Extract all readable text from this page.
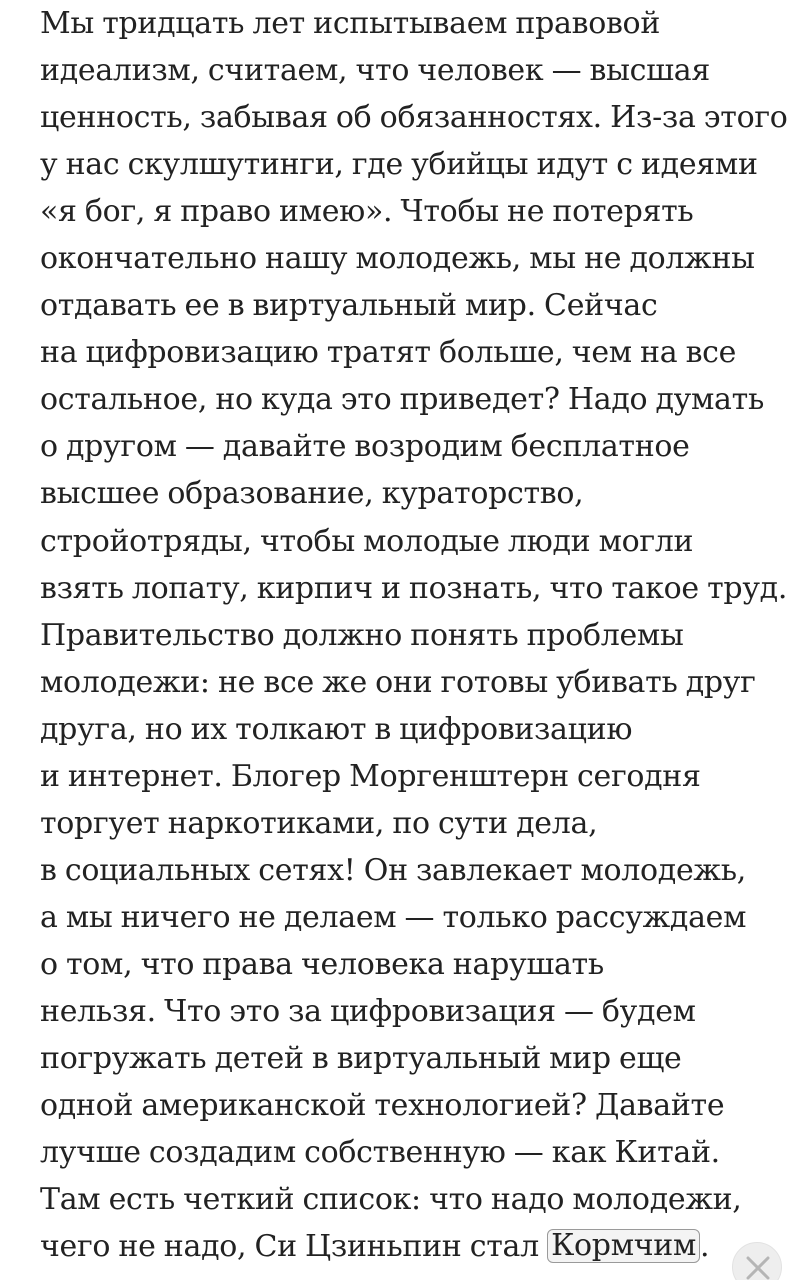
Мы тридцать лет испытываем правовой
идеализм, считаем, что человек — высшая
ценность, забывая об обязанностях. Из-за этого
у нас скулшутинги, где убийцы идут с идеями
«я бог, я право имею». Чтобы не потерять
окончательно нашу молодежь, мы не должны
отдавать ее в виртуальный мир. Сейчас
на цифровизацию тратят больше, чем на все
остальное, но куда это приведет? Надо думать
о другом — давайте возродим бесплатное
высшее образование, кураторство,
стройотряды, чтобы молодые люди могли
взять лопату, кирпич и познать, что такое труд.
Правительство должно понять проблемы
молодежи: не все же они готовы убивать друг
друга, но их толкают в цифровизацию
и интернет. Блогер Моргенштерн сегодня
торгует наркотиками, по сути дела,
в социальных сетях! Он завлекает молодежь,
а мы ничего не делаем — только рассуждаем
о том, что права человека нарушать
нельзя. Что это за цифровизация — будем
погружать детей в виртуальный мир еще
одной американской технологией? Давайте
лучше создадим собственную — как Китай.
Там есть четкий список: что надо молодежи,
чего не надо, Си Цзиньпин стал Кормчим .
